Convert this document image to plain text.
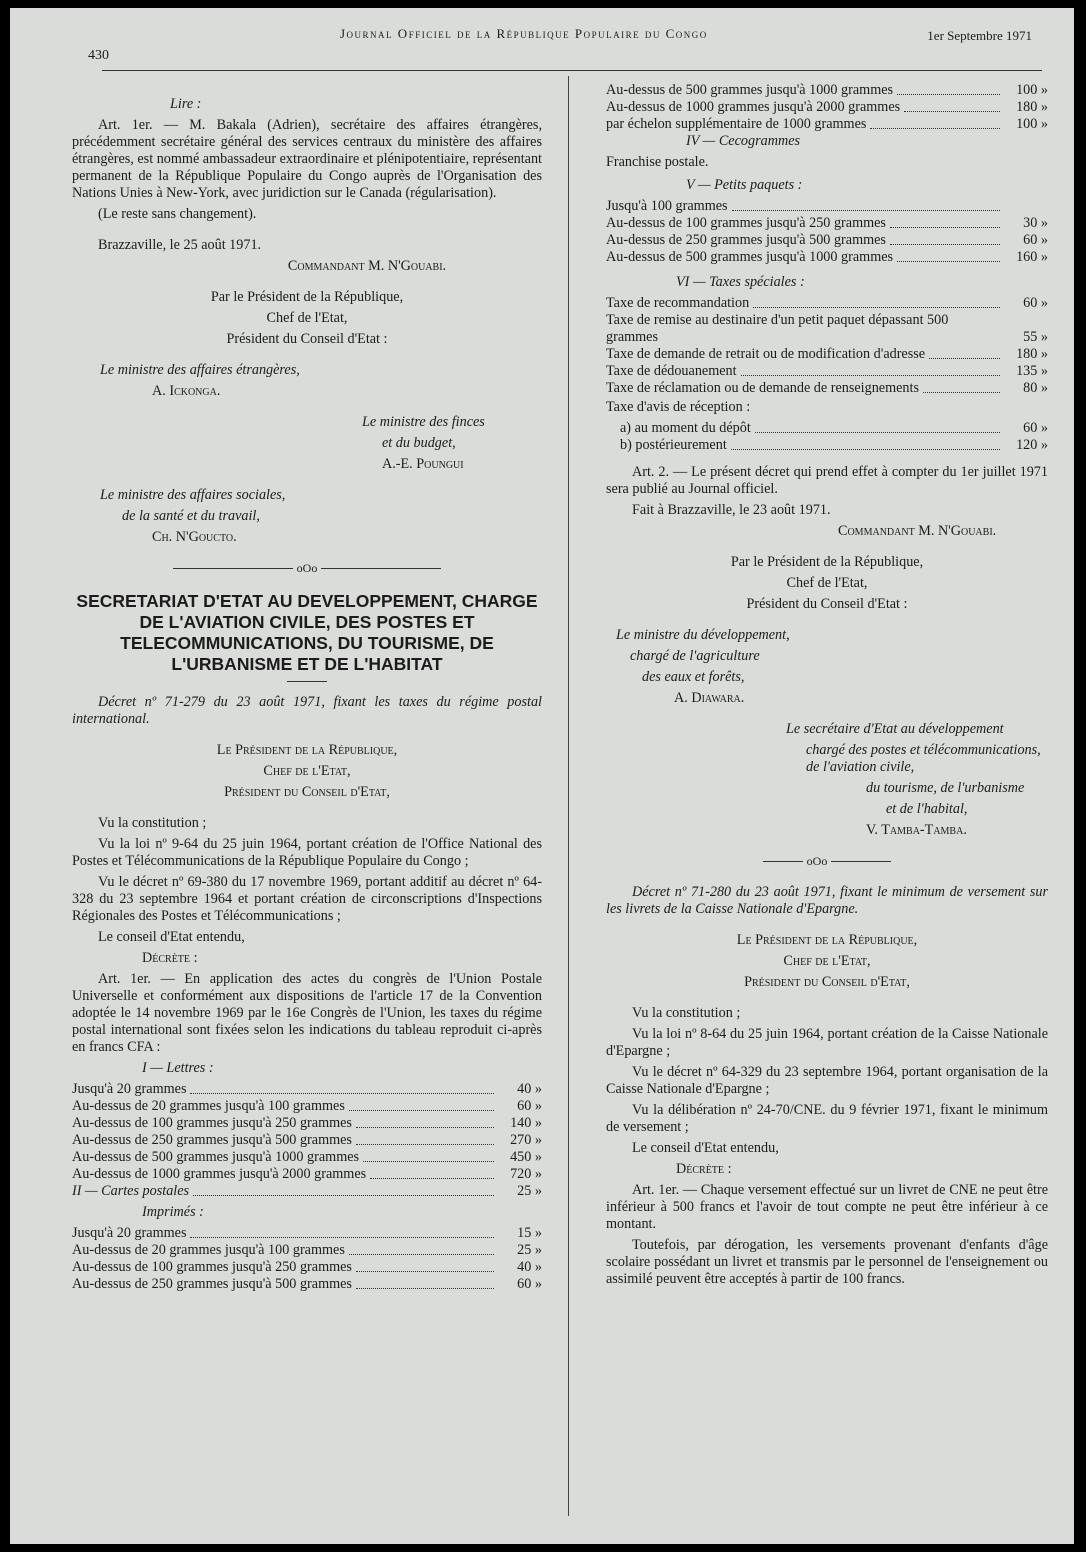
430
Journal Officiel de la République Populaire du Congo	1er Septembre 1971

Lire :

Art. 1er. — M. Bakala (Adrien), secrétaire des affaires étrangères, précédemment secrétaire général des services centraux du ministère des affaires étrangères, est nommé ambassadeur extraordinaire et plénipotentiaire, représentant permanent de la République Populaire du Congo auprès de l'Organisation des Nations Unies à New-York, avec juridiction sur le Canada (régularisation).

(Le reste sans changement).

Brazzaville, le 25 août 1971.

Commandant M. N'Gouabi.

Par le Président de la République,

Chef de l'Etat,

Président du Conseil d'Etat :

Le ministre des affaires étrangères,

A. Ickonga.

Le ministre des finces

et du budget,

A.-E. Poungui

Le ministre des affaires sociales,

de la santé et du travail,

Ch. N'Goucto.

oOo
SECRETARIAT D'ETAT AU DEVELOPPEMENT, CHARGE DE L'AVIATION CIVILE, DES POSTES ET TELECOMMUNICATIONS, DU TOURISME, DE L'URBANISME ET DE L'HABITAT

Décret nº 71-279 du 23 août 1971, fixant les taxes du régime postal international.

Le Président de la République,

Chef de l'Etat,

Président du Conseil d'Etat,

Vu la constitution ;

Vu la loi nº 9-64 du 25 juin 1964, portant création de l'Office National des Postes et Télécommunications de la République Populaire du Congo ;

Vu le décret nº 69-380 du 17 novembre 1969, portant additif au décret nº 64-328 du 23 septembre 1964 et portant création de circonscriptions d'Inspections Régionales des Postes et Télécommunications ;

Le conseil d'Etat entendu,

Décrète :

Art. 1er. — En application des actes du congrès de l'Union Postale Universelle et conformément aux dispositions de l'article 17 de la Convention adoptée le 14 novembre 1969 par le 16e Congrès de l'Union, les taxes du régime postal international sont fixées selon les indications du tableau reproduit ci-après en francs CFA :

I — Lettres :

Jusqu'à 20 grammes	40 »
Au-dessus de 20 grammes jusqu'à 100 grammes	60 »
Au-dessus de 100 grammes jusqu'à 250 grammes	140 »
Au-dessus de 250 grammes jusqu'à 500 grammes	270 »
Au-dessus de 500 grammes jusqu'à 1000 grammes	450 »
Au-dessus de 1000 grammes jusqu'à 2000 grammes	720 »
II — Cartes postales	25 »

Imprimés :

Jusqu'à 20 grammes	15 »
Au-dessus de 20 grammes jusqu'à 100 grammes	25 »
Au-dessus de 100 grammes jusqu'à 250 grammes	40 »
Au-dessus de 250 grammes jusqu'à 500 grammes	60 »
Au-dessus de 500 grammes jusqu'à 1000 grammes	100 »
Au-dessus de 1000 grammes jusqu'à 2000 grammes	180 »
par échelon supplémentaire de 1000 grammes	100 »

IV — Cecogrammes

Franchise postale.

V — Petits paquets :

Jusqu'à 100 grammes
Au-dessus de 100 grammes jusqu'à 250 grammes	30 »
Au-dessus de 250 grammes jusqu'à 500 grammes	60 »
Au-dessus de 500 grammes jusqu'à 1000 grammes	160 »

VI — Taxes spéciales :

Taxe de recommandation	60 »
Taxe de remise au destinaire d'un petit paquet dépassant 500 grammes	55 »
Taxe de demande de retrait ou de modification d'adresse	180 »
Taxe de dédouanement	135 »
Taxe de réclamation ou de demande de renseignements	80 »

Taxe d'avis de réception :

a) au moment du dépôt	60 »
b) postérieurement	120 »

Art. 2. — Le présent décret qui prend effet à compter du 1er juillet 1971 sera publié au Journal officiel.

Fait à Brazzaville, le 23 août 1971.

Commandant M. N'Gouabi.

Par le Président de la République,

Chef de l'Etat,

Président du Conseil d'Etat :

Le ministre du développement,

chargé de l'agriculture

des eaux et forêts,

A. Diawara.

Le secrétaire d'Etat au développement

chargé des postes et télécommunications, de l'aviation civile,

du tourisme, de l'urbanisme

et de l'habital,

V. Tamba-Tamba.

oOo

Décret nº 71-280 du 23 août 1971, fixant le minimum de versement sur les livrets de la Caisse Nationale d'Epargne.

Le Président de la République,

Chef de l'Etat,

Président du Conseil d'Etat,

Vu la constitution ;

Vu la loi nº 8-64 du 25 juin 1964, portant création de la Caisse Nationale d'Epargne ;

Vu le décret nº 64-329 du 23 septembre 1964, portant organisation de la Caisse Nationale d'Epargne ;

Vu la délibération nº 24-70/CNE. du 9 février 1971, fixant le minimum de versement ;

Le conseil d'Etat entendu,

Décrète :

Art. 1er. — Chaque versement effectué sur un livret de CNE ne peut être inférieur à 500 francs et l'avoir de tout compte ne peut être inférieur à ce montant.

Toutefois, par dérogation, les versements provenant d'enfants d'âge scolaire possédant un livret et transmis par le personnel de l'enseignement ou assimilé peuvent être acceptés à partir de 100 francs.
